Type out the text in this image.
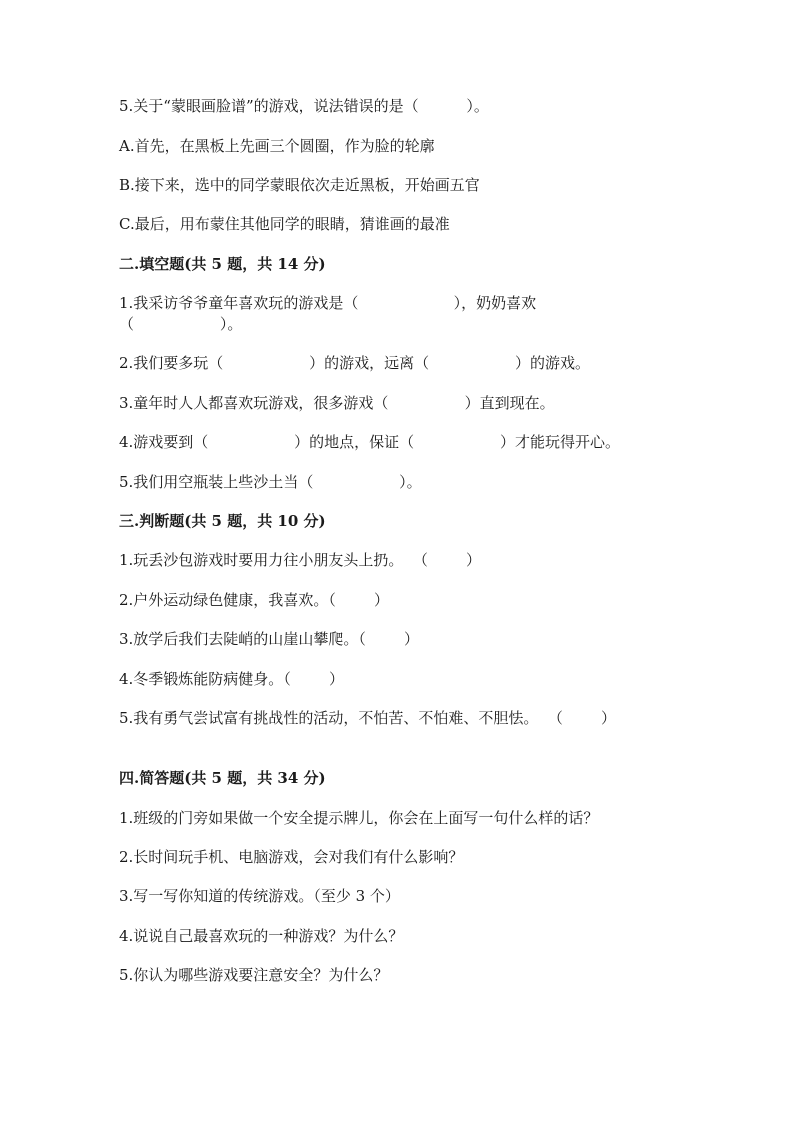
5.关于“蒙眼画脸谱”的游戏，说法错误的是（          ）。
A.首先，在黑板上先画三个圆圈，作为脸的轮廓
B.接下来，选中的同学蒙眼依次走近黑板，开始画五官
C.最后，用布蒙住其他同学的眼睛，猜谁画的最准
二.填空题(共 5 题，共 14 分)
1.我采访爷爷童年喜欢玩的游戏是（                    ），奶奶喜欢
（                  ）。
2.我们要多玩（                  ）的游戏，远离（                  ）的游戏。
3.童年时人人都喜欢玩游戏，很多游戏（                ）直到现在。
4.游戏要到（                  ）的地点，保证（                  ）才能玩得开心。
5.我们用空瓶装上些沙土当（                  ）。
三.判断题(共 5 题，共 10 分)
1.玩丢沙包游戏时要用力往小朋友头上扔。  （        ）
2.户外运动绿色健康，我喜欢。（        ）
3.放学后我们去陡峭的山崖山攀爬。（        ）
4.冬季锻炼能防病健身。（        ）
5.我有勇气尝试富有挑战性的活动，不怕苦、不怕难、不胆怯。  （        ）
四.简答题(共 5 题，共 34 分)
1.班级的门旁如果做一个安全提示牌儿，你会在上面写一句什么样的话？
2.长时间玩手机、电脑游戏，会对我们有什么影响？
3.写一写你知道的传统游戏。（至少 3 个）
4.说说自己最喜欢玩的一种游戏？为什么？
5.你认为哪些游戏要注意安全？为什么？
